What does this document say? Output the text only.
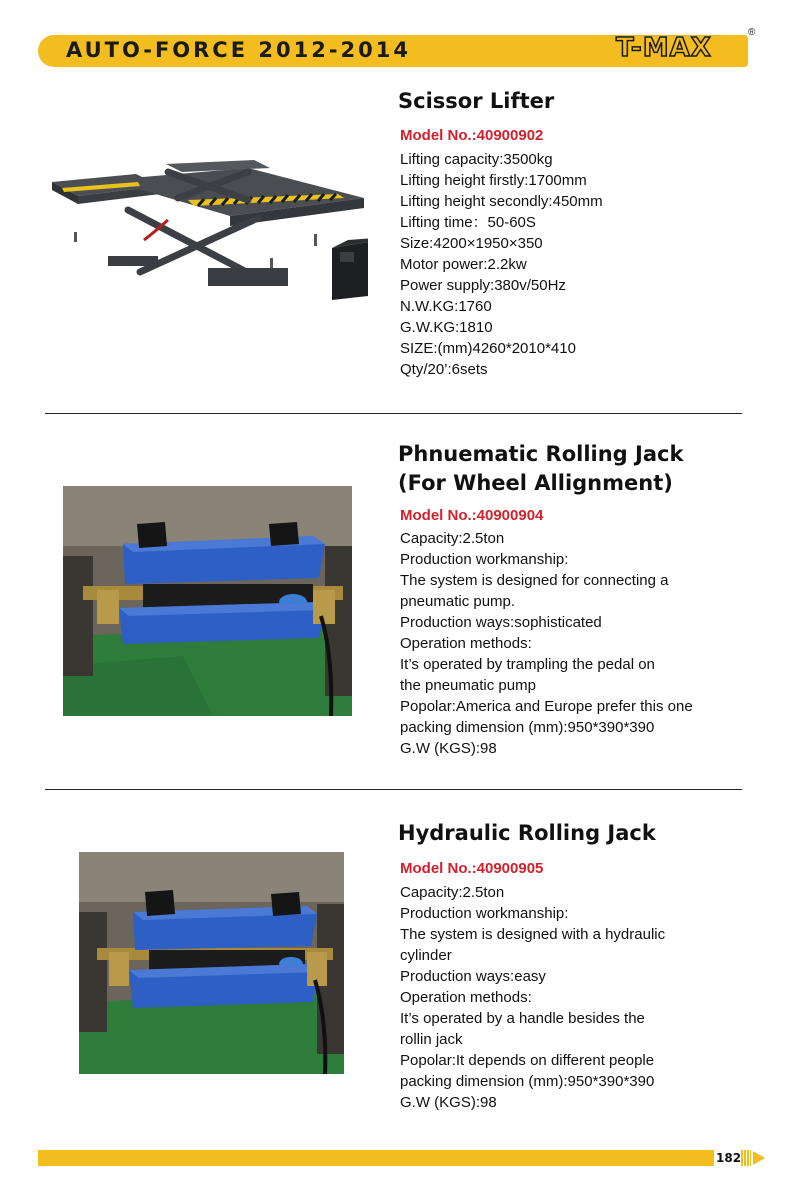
AUTO-FORCE 2012-2014	T-MAX
®
Scissor Lifter
Model No.:40900902
Lifting capacity:3500kg
Lifting height firstly:1700mm
Lifting height secondly:450mm
Lifting time：50-60S
Size:4200×1950×350
Motor power:2.2kw
Power supply:380v/50Hz
N.W.KG:1760
G.W.KG:1810
SIZE:(mm)4260*2010*410
Qty/20’:6sets
Phnuematic Rolling Jack
(For Wheel Allignment)
Model No.:40900904
Capacity:2.5ton
Production workmanship:
The system is designed for connecting a
pneumatic pump.
Production ways:sophisticated
Operation methods:
It’s operated by trampling the pedal on
the pneumatic pump
Popolar:America and Europe prefer this one
packing dimension (mm):950*390*390
G.W (KGS):98
Hydraulic Rolling Jack
Model No.:40900905
Capacity:2.5ton
Production workmanship:
The system is designed with a hydraulic
cylinder
Production ways:easy
Operation methods:
It’s operated by a handle besides the
rollin jack
Popolar:It depends on different people
packing dimension (mm):950*390*390
G.W (KGS):98
182
